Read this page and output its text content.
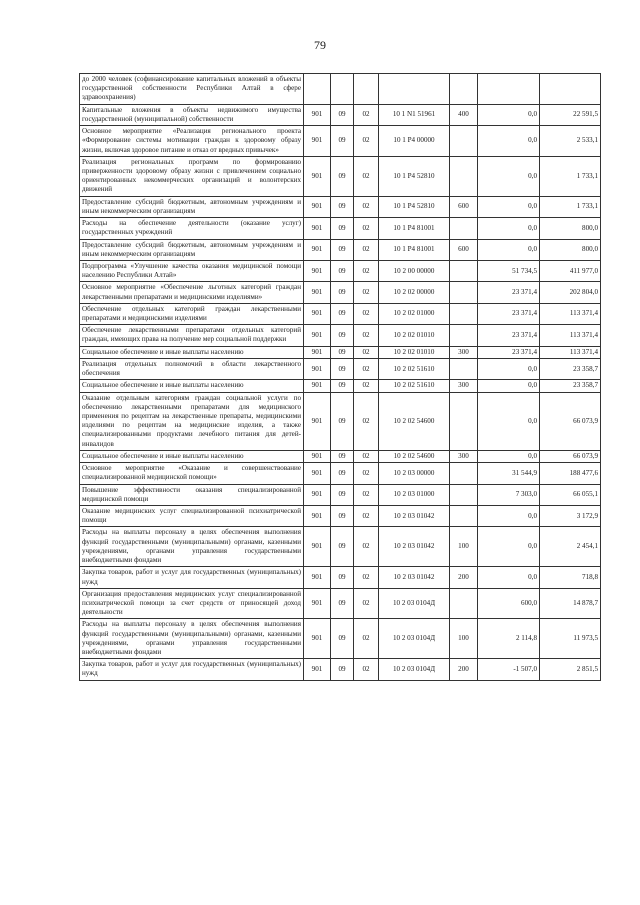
79
до 2000 человек (софинансирование капитальных вложений в объекты государственной собственности Республики Алтай в сфере здравоохранения)							
Капитальные вложения в объекты недвижимого имущества государственной (муниципальной) собственности	901	09	02	10 1 N1 51961	400	0,0	22 591,5
Основное мероприятие «Реализация регионального проекта «Формирование системы мотивации граждан к здоровому образу жизни, включая здоровое питание и отказ от вредных привычек»	901	09	02	10 1 P4 00000		0,0	2 533,1
Реализация региональных программ по формированию приверженности здоровому образу жизни с привлечением социально ориентированных некоммерческих организаций и волонтерских движений	901	09	02	10 1 P4 52810		0,0	1 733,1
Предоставление субсидий бюджетным, автономным учреждениям и иным некоммерческим организациям	901	09	02	10 1 P4 52810	600	0,0	1 733,1
Расходы на обеспечение деятельности (оказание услуг) государственных учреждений	901	09	02	10 1 P4 81001		0,0	800,0
Предоставление субсидий бюджетным, автономным учреждениям и иным некоммерческим организациям	901	09	02	10 1 P4 81001	600	0,0	800,0
Подпрограмма «Улучшение качества оказания медицинской помощи населению Республики Алтай»	901	09	02	10 2 00 00000		51 734,5	411 977,0
Основное мероприятие «Обеспечение льготных категорий граждан лекарственными препаратами и медицинскими изделиями»	901	09	02	10 2 02 00000		23 371,4	202 804,0
Обеспечение отдельных категорий граждан лекарственными препаратами и медицинскими изделиями	901	09	02	10 2 02 01000		23 371,4	113 371,4
Обеспечение лекарственными препаратами отдельных категорий граждан, имеющих права на получение мер социальной поддержки	901	09	02	10 2 02 01010		23 371,4	113 371,4
Социальное обеспечение и иные выплаты населению	901	09	02	10 2 02 01010	300	23 371,4	113 371,4
Реализация отдельных полномочий в области лекарственного обеспечения	901	09	02	10 2 02 51610		0,0	23 358,7
Социальное обеспечение и иные выплаты населению	901	09	02	10 2 02 51610	300	0,0	23 358,7
Оказание отдельным категориям граждан социальной услуги по обеспечению лекарственными препаратами для медицинского применения по рецептам на лекарственные препараты, медицинскими изделиями по рецептам на медицинские изделия, а также специализированными продуктами лечебного питания для детей-инвалидов	901	09	02	10 2 02 54600		0,0	66 073,9
Социальное обеспечение и иные выплаты населению	901	09	02	10 2 02 54600	300	0,0	66 073,9
Основное мероприятие «Оказание и совершенствование специализированной медицинской помощи»	901	09	02	10 2 03 00000		31 544,9	188 477,6
Повышение эффективности оказания специализированной медицинской помощи	901	09	02	10 2 03 01000		7 303,0	66 055,1
Оказание медицинских услуг специализированной психиатрической помощи	901	09	02	10 2 03 01042		0,0	3 172,9
Расходы на выплаты персоналу в целях обеспечения выполнения функций государственными (муниципальными) органами, казенными учреждениями, органами управления государственными внебюджетными фондами	901	09	02	10 2 03 01042	100	0,0	2 454,1
Закупка товаров, работ и услуг для государственных (муниципальных) нужд	901	09	02	10 2 03 01042	200	0,0	718,8
Организация предоставления медицинских услуг специализированной психиатрической помощи за счет средств от приносящей доход деятельности	901	09	02	10 2 03 0104Д		600,0	14 878,7
Расходы на выплаты персоналу в целях обеспечения выполнения функций государственными (муниципальными) органами, казенными учреждениями, органами управления государственными внебюджетными фондами	901	09	02	10 2 03 0104Д	100	2 114,8	11 973,5
Закупка товаров, работ и услуг для государственных (муниципальных) нужд	901	09	02	10 2 03 0104Д	200	-1 507,0	2 851,5
